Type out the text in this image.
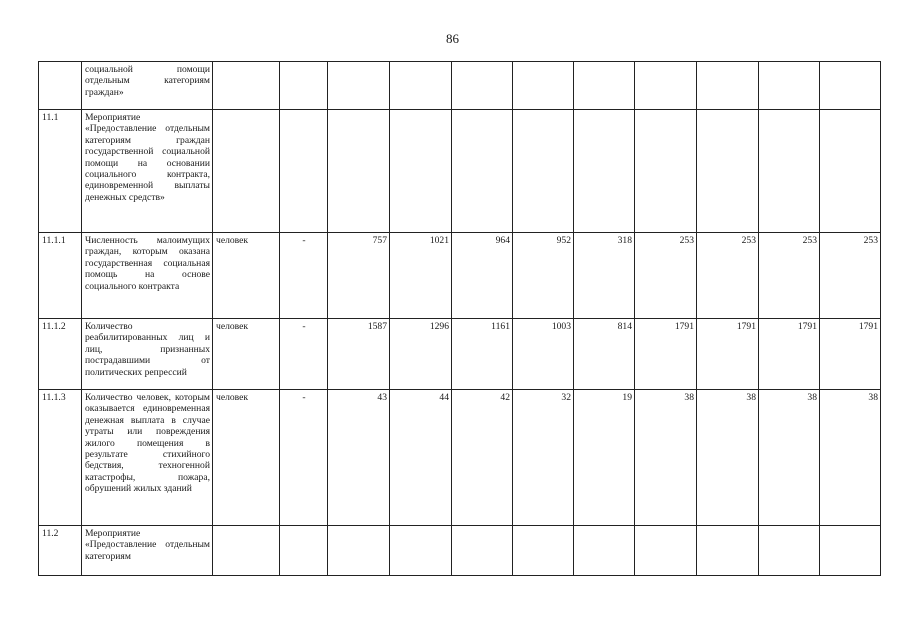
86
	социальной помощи отдельным категориям граждан»											
11.1	Мероприятие «Предоставление отдельным категориям граждан государственной социальной помощи на основании социального контракта, единовременной выплаты денежных средств»											
11.1.1	Численность малоимущих граждан, которым оказана государственная социальная помощь на основе социального контракта	человек	-	757	1021	964	952	318	253	253	253	253
11.1.2	Количество реабилитированных лиц и лиц, признанных пострадавшими от политических репрессий	человек	-	1587	1296	1161	1003	814	1791	1791	1791	1791
11.1.3	Количество человек, которым оказывается единовременная денежная выплата в случае утраты или повреждения жилого помещения в результате стихийного бедствия, техногенной катастрофы, пожара, обрушений жилых зданий	человек	-	43	44	42	32	19	38	38	38	38
11.2	Мероприятие «Предоставление отдельным категориям											
